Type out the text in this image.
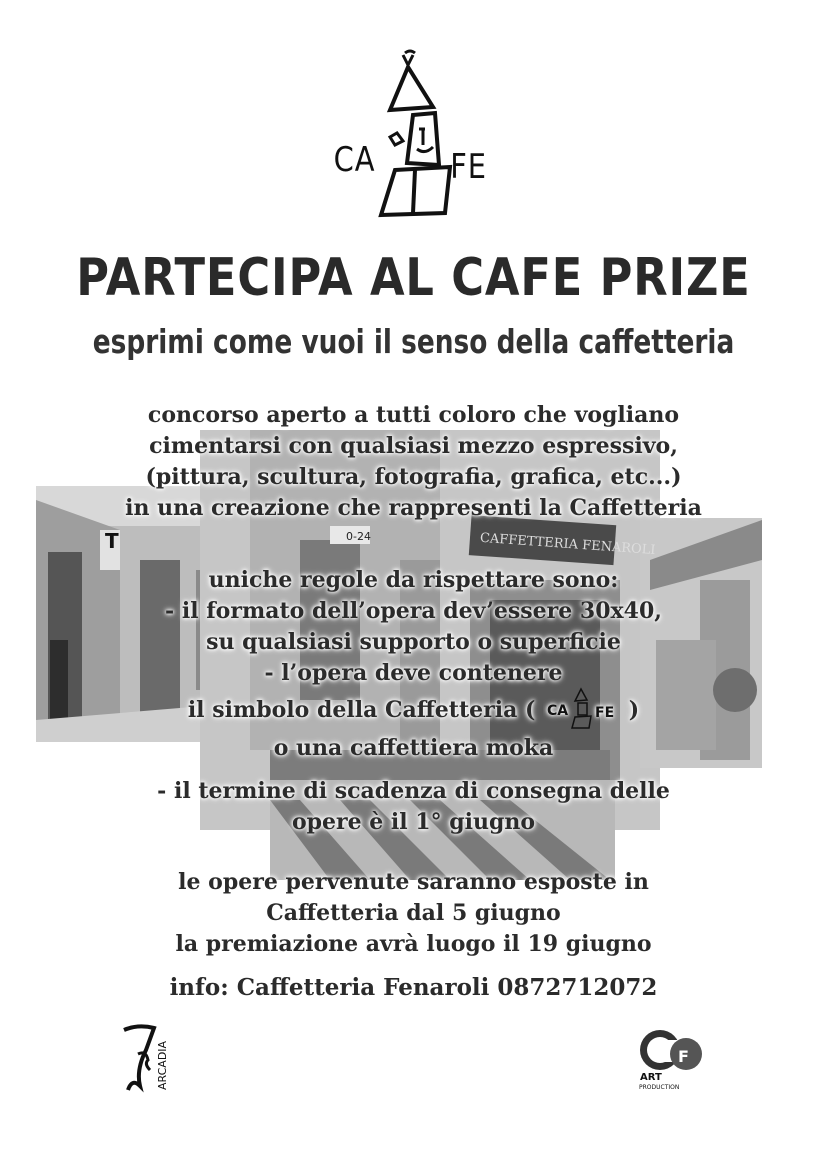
T	0-24	CAFFETTERIA FENAROLI
CA FE
PARTECIPA AL CAFE PRIZE
esprimi come vuoi il senso della caffetteria
concorso aperto a tutti coloro che vogliano
cimentarsi con qualsiasi mezzo espressivo,
(pittura, scultura, fotografia, grafica, etc...)
in una creazione che rappresenti la Caffetteria
uniche regole da rispettare sono:
- il formato dell’opera dev’essere 30x40,
su qualsiasi supporto o superficie
- l’opera deve contenere
il simbolo della Caffetteria ( CA FE )
o una caffettiera moka
- il termine di scadenza di consegna delle
opere è il 1° giugno
le opere pervenute saranno esposte in
Caffetteria dal 5 giugno
la premiazione avrà luogo il 19 giugno
info: Caffetteria Fenaroli 0872712072
ARCADIA	F
ART
PRODUCTION
